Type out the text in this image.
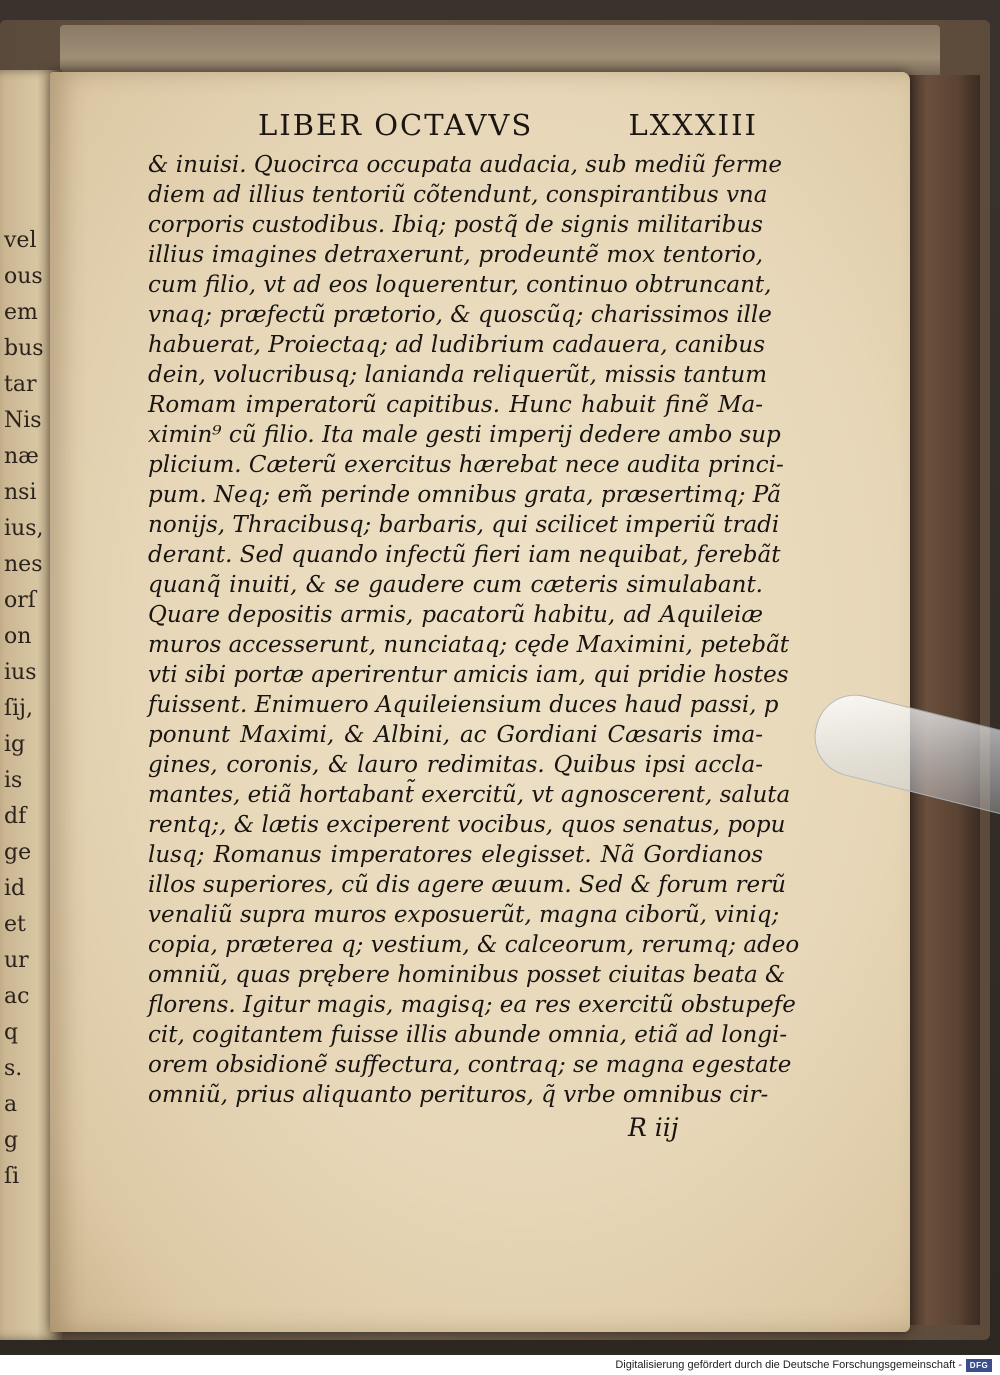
vel
ous
em
bus
tar
Nis
næ
nsi
ius,
nes
orſ
on
ius
ſij,
ig
is
df
ge
id
et
ur
ac
q
s.
a
g
ſi
LIBER OCTAVVS	LXXXIII
& inuisi. Quocirca occupata audacia, sub mediũ ferme
diem ad illius tentoriũ cõtendunt, conspirantibus vna
corporis custodibus. Ibiq; postq̃ de signis militaribus
illius imagines detraxerunt, prodeuntẽ mox tentorio,
cum filio, vt ad eos loquerentur, continuo obtruncant,
vnaq; præfectũ prætorio, & quoscũq; charissimos ille
habuerat, Proiectaq; ad ludibrium cadauera, canibus
dein, volucribusq; lanianda reliquerũt, missis tantum
Romam imperatorũ capitibus. Hunc habuit finẽ Ma-
ximin⁹ cũ filio. Ita male gesti imperij dedere ambo sup
plicium. Cæterũ exercitus hærebat nece audita princi-
pum. Neq; em̃ perinde omnibus grata, præsertimq; Pã
nonijs, Thracibusq; barbaris, qui scilicet imperiũ tradi
derant. Sed quando infectũ fieri iam nequibat, ferebãt
quanq̃ inuiti, & se gaudere cum cæteris simulabant.
Quare depositis armis, pacatorũ habitu, ad Aquileiæ
muros accesserunt, nunciataq; cęde Maximini, petebãt
vti sibi portæ aperirentur amicis iam, qui pridie hostes
fuissent. Enimuero Aquileiensium duces haud passi, p
ponunt Maximi, & Albini, ac Gordiani Cæsaris ima-
gines, coronis, & lauro redimitas. Quibus ipsi accla-
mantes, etiã hortabant̃ exercitũ, vt agnoscerent, saluta
rentq;, & lætis exciperent vocibus, quos senatus, popu
lusq; Romanus imperatores elegisset. Nã Gordianos
illos superiores, cũ dis agere æuum. Sed & forum rerũ
venaliũ supra muros exposuerũt, magna ciborũ, viniq;
copia, præterea q; vestium, & calceorum, rerumq; adeo
omniũ, quas prębere hominibus posset ciuitas beata &
florens. Igitur magis, magisq; ea res exercitũ obstupefe
cit, cogitantem fuisse illis abunde omnia, etiã ad longi-
orem obsidionẽ suffectura, contraq; se magna egestate
omniũ, prius aliquanto perituros, q̃ vrbe omnibus cir-
R iij
Digitalisierung gefördert durch die Deutsche Forschungsgemeinschaft - DFG
